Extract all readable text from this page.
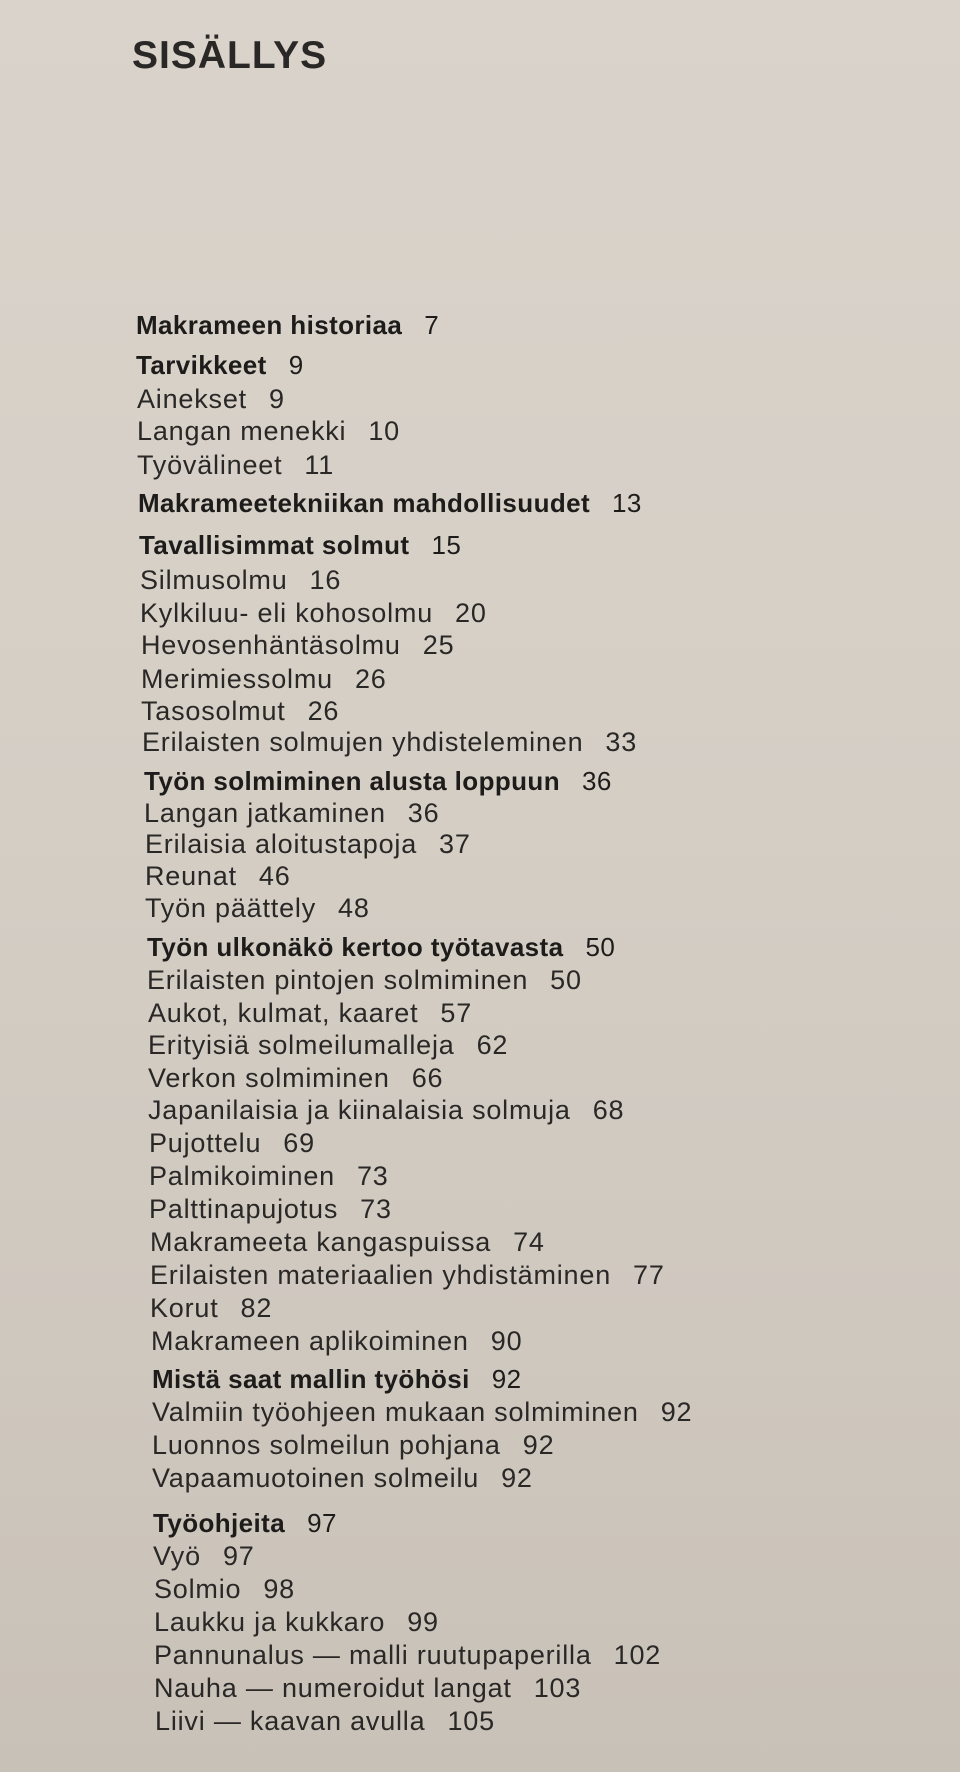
SISÄLLYS
Makrameen historiaa 7
Tarvikkeet 9
Ainekset 9
Langan menekki 10
Työvälineet 11
Makrameetekniikan mahdollisuudet 13
Tavallisimmat solmut 15
Silmusolmu 16
Kylkiluu- eli kohosolmu 20
Hevosenhäntäsolmu 25
Merimiessolmu 26
Tasosolmut 26
Erilaisten solmujen yhdisteleminen 33
Työn solmiminen alusta loppuun 36
Langan jatkaminen 36
Erilaisia aloitustapoja 37
Reunat 46
Työn päättely 48
Työn ulkonäkö kertoo työtavasta 50
Erilaisten pintojen solmiminen 50
Aukot, kulmat, kaaret 57
Erityisiä solmeilumalleja 62
Verkon solmiminen 66
Japanilaisia ja kiinalaisia solmuja 68
Pujottelu 69
Palmikoiminen 73
Palttinapujotus 73
Makrameeta kangaspuissa 74
Erilaisten materiaalien yhdistäminen 77
Korut 82
Makrameen aplikoiminen 90
Mistä saat mallin työhösi 92
Valmiin työohjeen mukaan solmiminen 92
Luonnos solmeilun pohjana 92
Vapaamuotoinen solmeilu 92
Työohjeita 97
Vyö 97
Solmio 98
Laukku ja kukkaro 99
Pannunalus — malli ruutupaperilla 102
Nauha — numeroidut langat 103
Liivi — kaavan avulla 105
